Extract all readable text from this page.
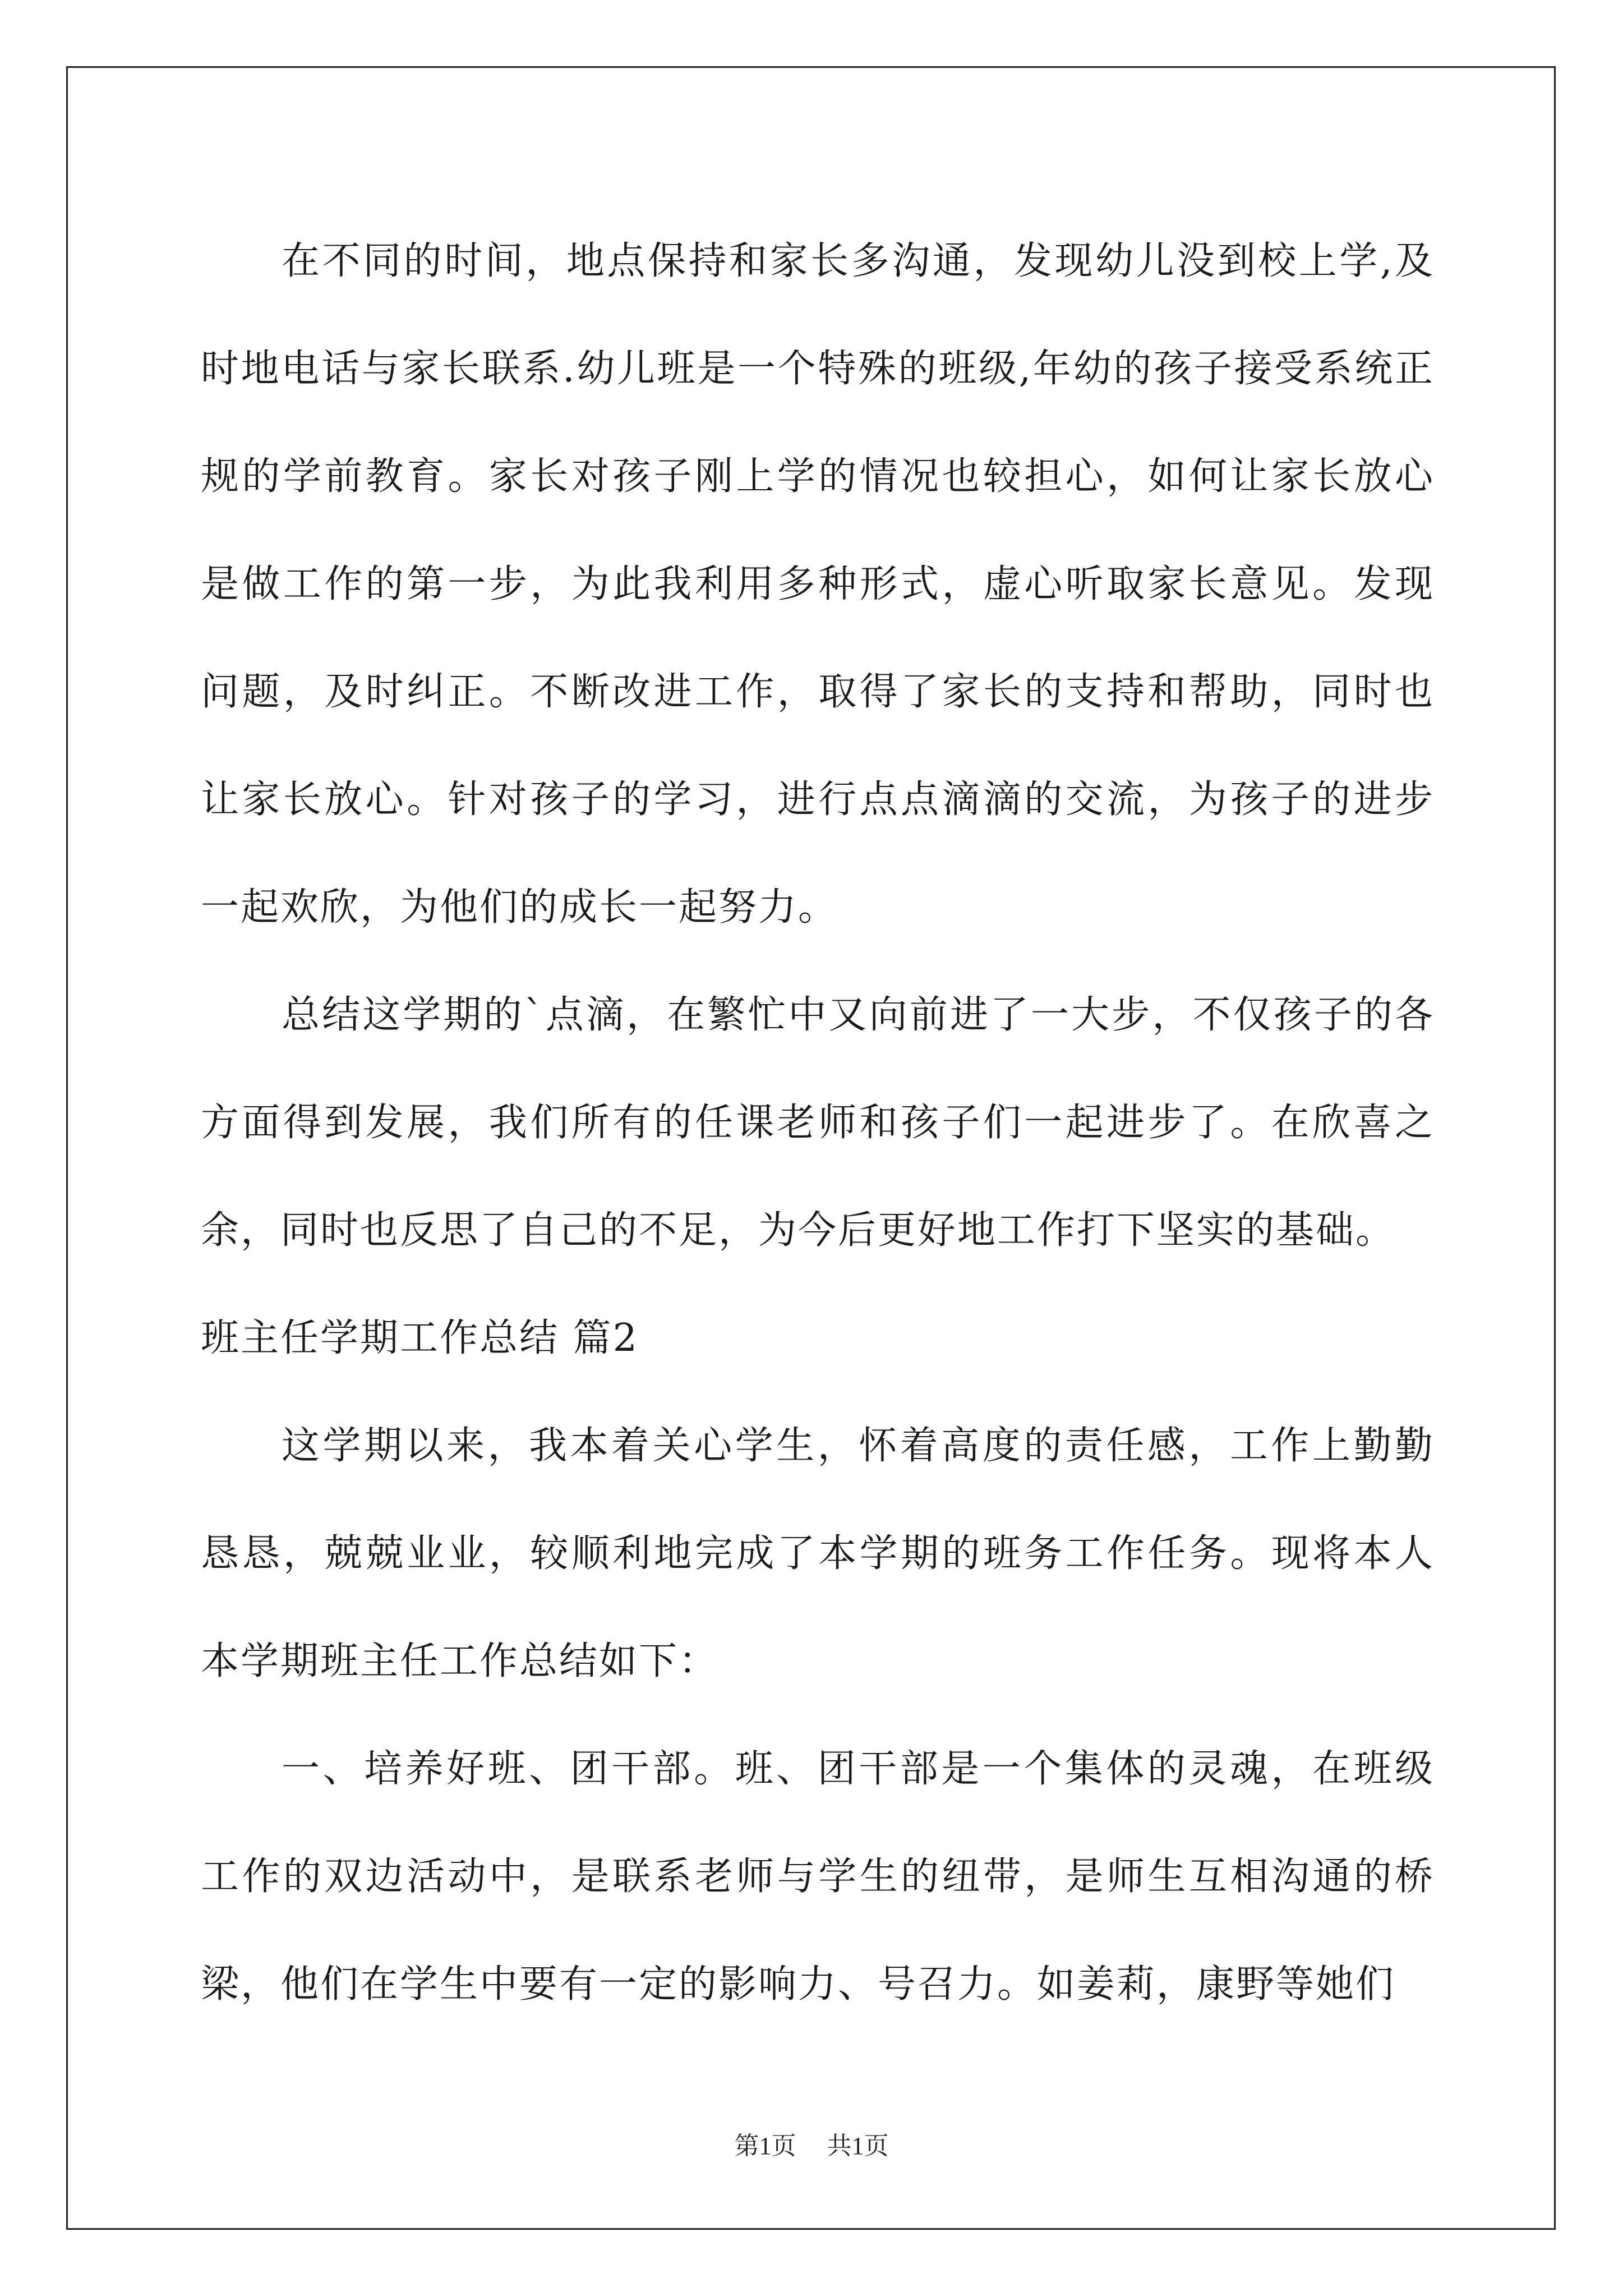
在不同的时间，地点保持和家长多沟通，发现幼儿没到校上学,及时地电话与家长联系.幼儿班是一个特殊的班级,年幼的孩子接受系统正规的学前教育。家长对孩子刚上学的情况也较担心，如何让家长放心是做工作的第一步，为此我利用多种形式，虚心听取家长意见。发现问题，及时纠正。不断改进工作，取得了家长的支持和帮助，同时也让家长放心。针对孩子的学习，进行点点滴滴的交流，为孩子的进步一起欢欣，为他们的成长一起努力。

总结这学期的`点滴，在繁忙中又向前进了一大步，不仅孩子的各方面得到发展，我们所有的任课老师和孩子们一起进步了。在欣喜之余，同时也反思了自己的不足，为今后更好地工作打下坚实的基础。

班主任学期工作总结 篇2

这学期以来，我本着关心学生，怀着高度的责任感，工作上勤勤恳恳，兢兢业业，较顺利地完成了本学期的班务工作任务。现将本人本学期班主任工作总结如下：

一、培养好班、团干部。班、团干部是一个集体的灵魂，在班级工作的双边活动中，是联系老师与学生的纽带，是师生互相沟通的桥梁，他们在学生中要有一定的影响力、号召力。如姜莉，康野等她们

第1页 共1页
